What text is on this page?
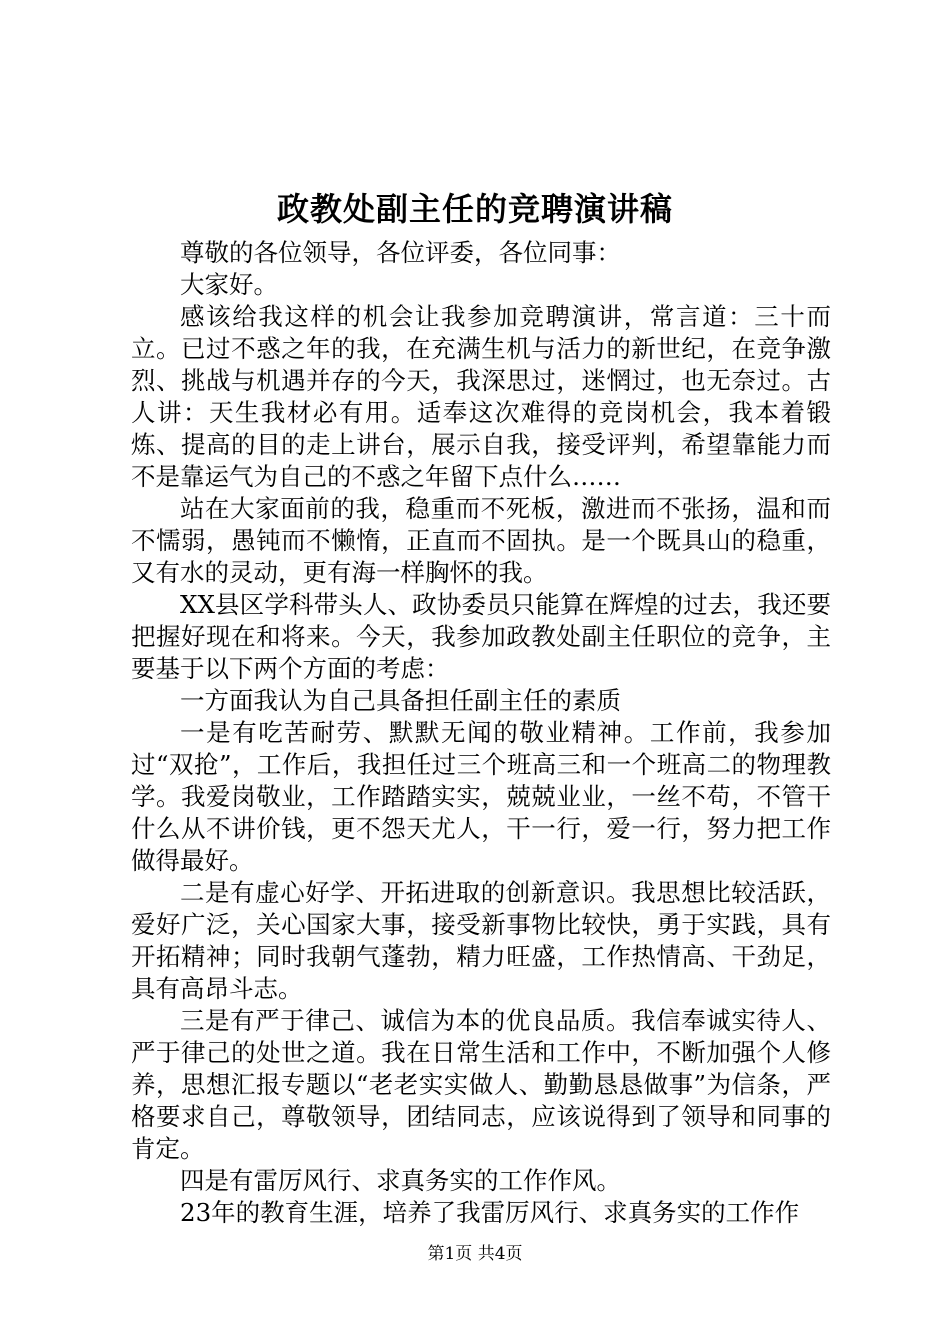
政教处副主任的竞聘演讲稿

尊敬的各位领导，各位评委，各位同事：

大家好。

感该给我这样的机会让我参加竞聘演讲，常言道：三十而立。已过不惑之年的我，在充满生机与活力的新世纪，在竞争激烈、挑战与机遇并存的今天，我深思过，迷惘过，也无奈过。古人讲：天生我材必有用。适奉这次难得的竞岗机会，我本着锻炼、提高的目的走上讲台，展示自我，接受评判，希望靠能力而不是靠运气为自己的不惑之年留下点什么……

站在大家面前的我，稳重而不死板，激进而不张扬，温和而不懦弱，愚钝而不懒惰，正直而不固执。是一个既具山的稳重，又有水的灵动，更有海一样胸怀的我。

XX县区学科带头人、政协委员只能算在辉煌的过去，我还要把握好现在和将来。今天，我参加政教处副主任职位的竞争，主要基于以下两个方面的考虑：

一方面我认为自己具备担任副主任的素质

一是有吃苦耐劳、默默无闻的敬业精神。工作前，我参加过“双抢”，工作后，我担任过三个班高三和一个班高二的物理教学。我爱岗敬业，工作踏踏实实，兢兢业业，一丝不苟，不管干什么从不讲价钱，更不怨天尤人，干一行，爱一行，努力把工作做得最好。

二是有虚心好学、开拓进取的创新意识。我思想比较活跃，爱好广泛，关心国家大事，接受新事物比较快，勇于实践，具有开拓精神；同时我朝气蓬勃，精力旺盛，工作热情高、干劲足，具有高昂斗志。

三是有严于律己、诚信为本的优良品质。我信奉诚实待人、严于律己的处世之道。我在日常生活和工作中，不断加强个人修养，思想汇报专题以“老老实实做人、勤勤恳恳做事”为信条，严格要求自己，尊敬领导，团结同志，应该说得到了领导和同事的肯定。

四是有雷厉风行、求真务实的工作作风。

23年的教育生涯，培养了我雷厉风行、求真务实的工作作

第1页 共4页
